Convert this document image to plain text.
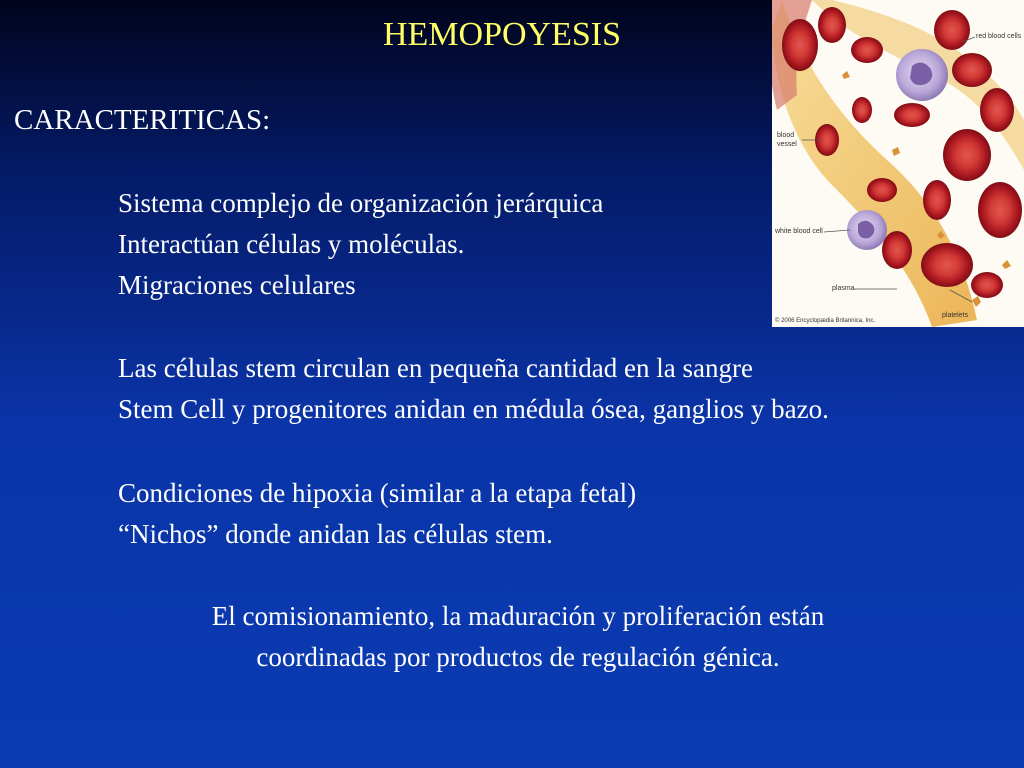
HEMOPOYESIS
CARACTERITICAS:
Sistema complejo de organización jerárquica
Interactúan células y moléculas.
Migraciones celulares
Las células stem circulan en pequeña cantidad en la sangre
Stem Cell y progenitores anidan en médula ósea, ganglios y bazo.
Condiciones de hipoxia (similar a la etapa fetal)
“Nichos” donde anidan las células stem.
El comisionamiento, la maduración y proliferación están
coordinadas por productos de regulación génica.
red blood cells
blood
vessel
white blood cell
plasma
platelets
© 2006 Encyclopædia Britannica, Inc.
